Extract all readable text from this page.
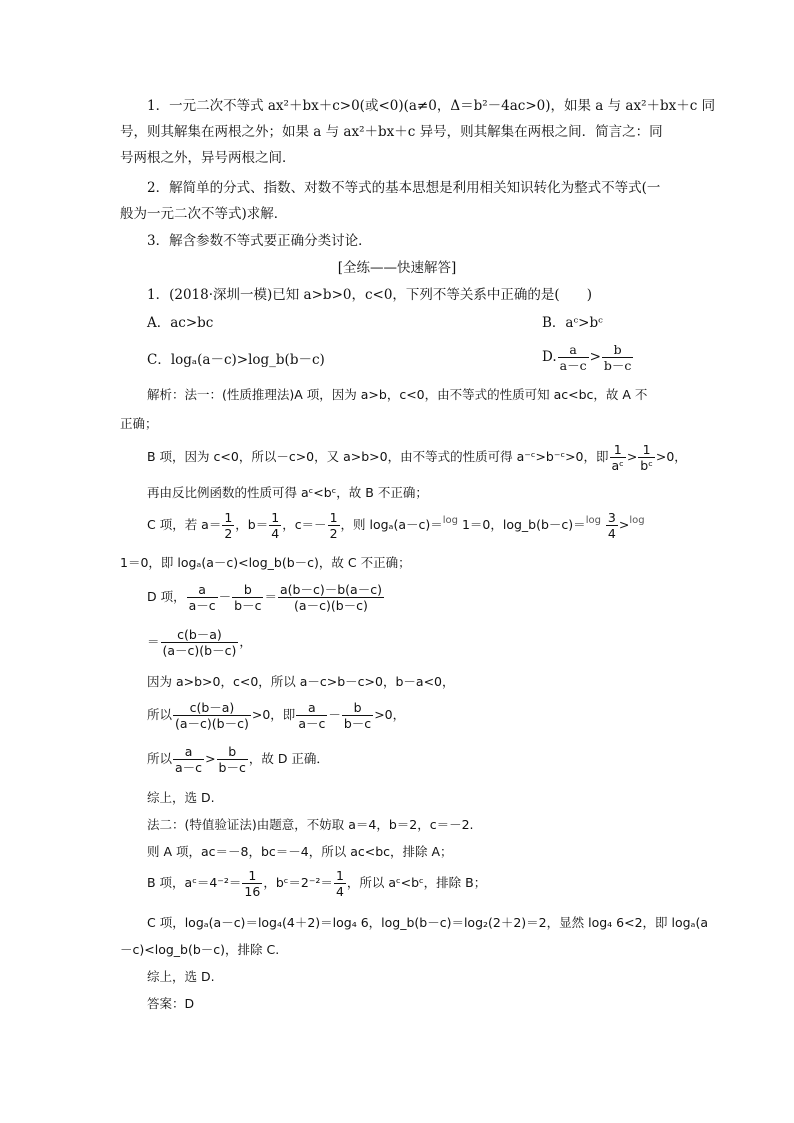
1．一元二次不等式 ax²＋bx＋c>0(或<0)(a≠0，Δ＝b²－4ac>0)，如果 a 与 ax²＋bx＋c 同
号，则其解集在两根之外；如果 a 与 ax²＋bx＋c 异号，则其解集在两根之间．简言之：同
号两根之外，异号两根之间．
2．解简单的分式、指数、对数不等式的基本思想是利用相关知识转化为整式不等式(一
般为一元二次不等式)求解．
3．解含参数不等式要正确分类讨论．
[全练——快速解答]
1．(2018·深圳一模)已知 a>b>0，c<0，下列不等关系中正确的是(　　)
A．ac>bc	B．aᶜ>bᶜ
C．logₐ(a－c)>log_b(b－c)	D. $\frac{a}{a-c} > \frac{b}{b-c}$
解析：法一：(性质推理法)A 项，因为 a>b，c<0，由不等式的性质可知 ac<bc，故 A 不
正确；
B 项，因为 c<0，所以－c>0，又 a>b>0，由不等式的性质可得 a⁻ᶜ>b⁻ᶜ>0，即 $\frac{1}{\text{aᶜ}} > \frac{1}{\text{bᶜ}} >0$，
再由反比例函数的性质可得 aᶜ<bᶜ，故 B 不正确；
C 项，若 $a= \frac{1}{2}$ ，$b= \frac{1}{4}$ ，$c=- \frac{1}{2}$ ，则 logₐ(a－c)＝$^{log}$ 1＝0，log_b(b－c)＝$^{log}$ $\frac{3}{4} >^{log}$
1＝0，即 logₐ(a－c)<log_b(b－c)，故 C 不正确；
D 项， $\frac{a}{a-c} - \frac{b}{b-c} = \frac{a(b-c)-b(a-c)}{(a-c)(b-c)}$
＝ $\frac{c(b-a)}{(a-c)(b-c)}$ ，
因为 a>b>0，c<0，所以 a－c>b－c>0，b－a<0，
所以 $\frac{c(b-a)}{(a-c)(b-c)} >0$，即 $\frac{a}{a-c} - \frac{b}{b-c} >0$，
所以 $\frac{a}{a-c} > \frac{b}{b-c}$ ，故 D 正确．
综上，选 D.
法二：(特值验证法)由题意，不妨取 a＝4，b＝2，c＝－2.
则 A 项，ac＝－8，bc＝－4，所以 ac<bc，排除 A；
B 项，aᶜ＝4⁻²＝ $\frac{1}{16}$ ，bᶜ＝2⁻²＝ $\frac{1}{4}$ ，所以 aᶜ<bᶜ，排除 B；
C 项，logₐ(a－c)＝log₄(4＋2)＝log₄ 6，log_b(b－c)＝log₂(2＋2)＝2，显然 log₄ 6<2，即 logₐ(a
－c)<log_b(b－c)，排除 C.
综上，选 D.
答案：D
